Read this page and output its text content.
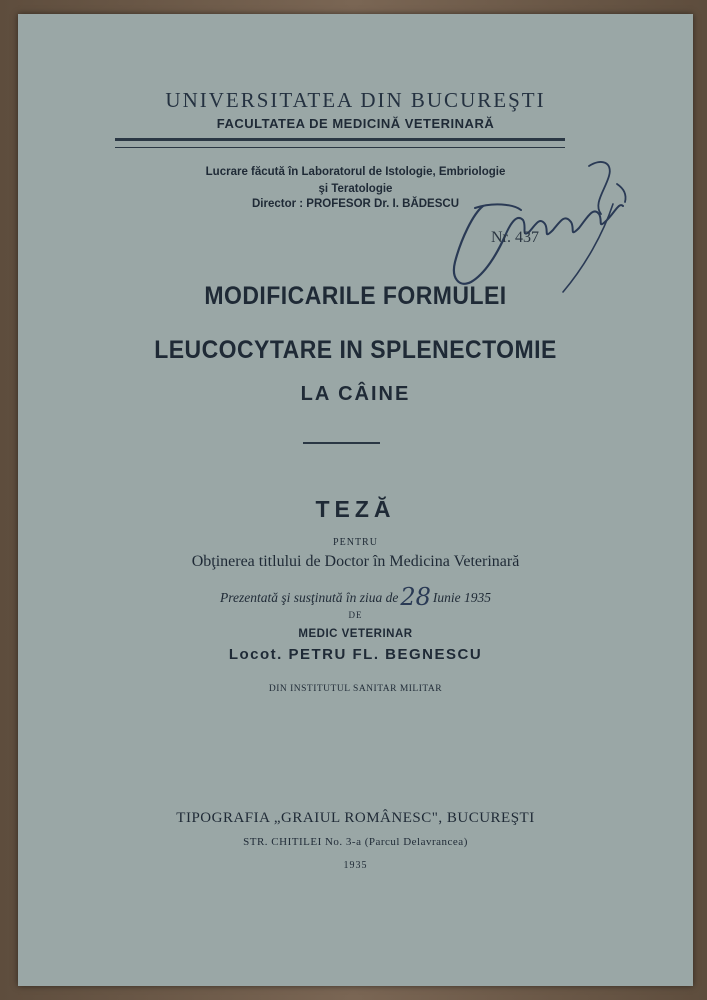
UNIVERSITATEA DIN BUCUREŞTI
FACULTATEA DE MEDICINĂ VETERINARĂ
Lucrare făcută în Laboratorul de Istologie, Embriologie
şi Teratologie
Director : PROFESOR Dr. I. BĂDESCU
Nr. 437
MODIFICARILE FORMULEI
LEUCOCYTARE IN SPLENECTOMIE
LA CÂINE
TEZĂ
PENTRU
Obţinerea titlului de Doctor în Medicina Veterinară
Prezentată şi susţinută în ziua de28 Iunie 1935
DE
MEDIC VETERINAR
Locot. PETRU FL. BEGNESCU
DIN INSTITUTUL SANITAR MILITAR
TIPOGRAFIA „GRAIUL ROMÂNESC", BUCUREŞTI
STR. CHITILEI No. 3-a (Parcul Delavrancea)
1935
